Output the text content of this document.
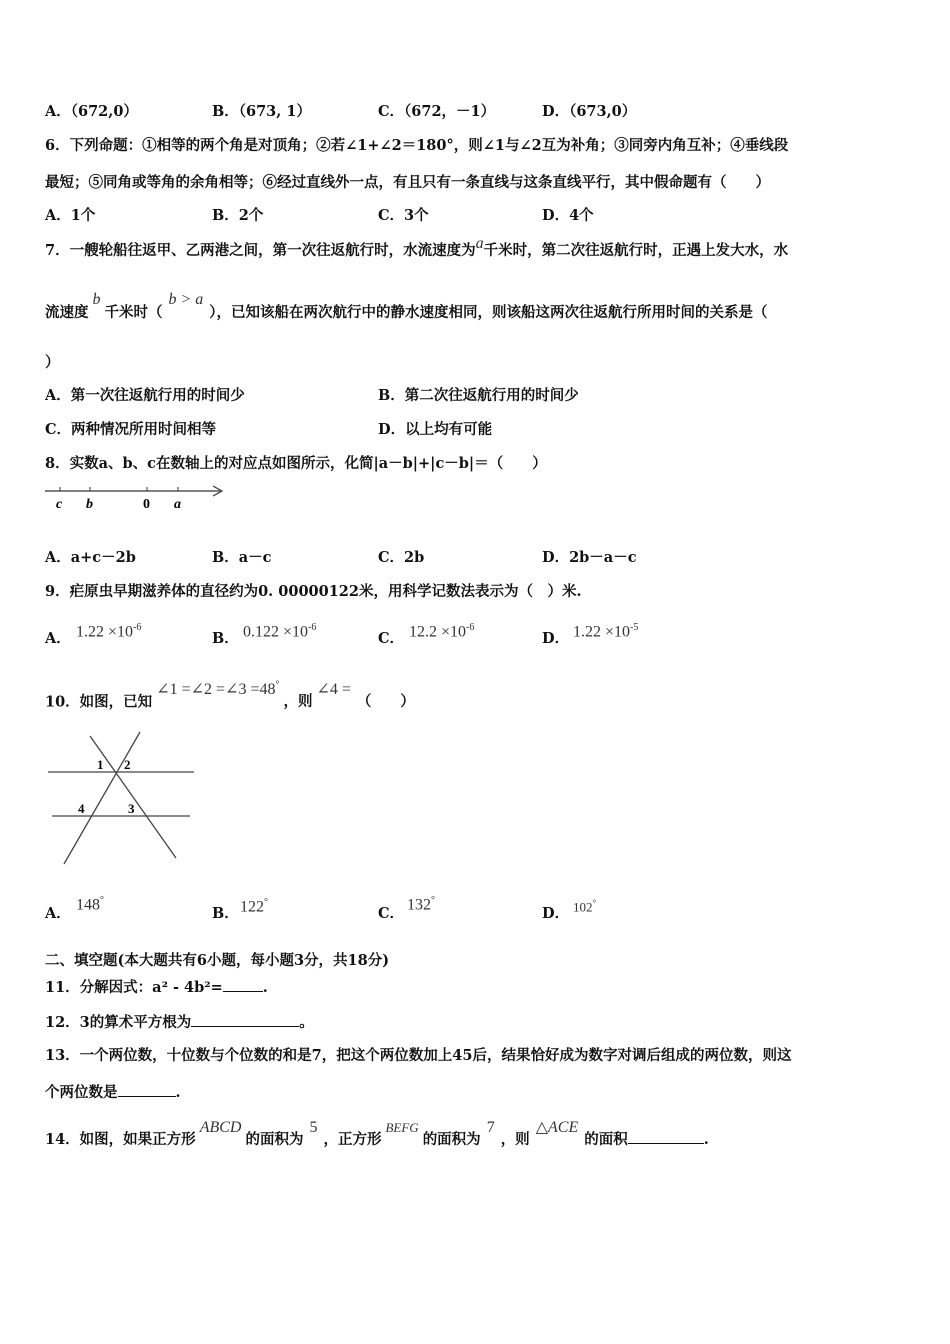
A．（672,0）	B．（673, 1）	C．（672，－1）	D．（673,0）
6．下列命题：①相等的两个角是对顶角；②若∠1+∠2＝180°，则∠1与∠2互为补角；③同旁内角互补；④垂线段
最短；⑤同角或等角的余角相等；⑥经过直线外一点，有且只有一条直线与这条直线平行，其中假命题有（　　）
A．1个	B．2个	C．3个	D．4个
7．一艘轮船往返甲、乙两港之间，第一次往返航行时，水流速度为a千米时，第二次往返航行时，正遇上发大水，水
流速度b千米时（b > a），已知该船在两次航行中的静水速度相同，则该船这两次往返航行所用时间的关系是（
）
A．第一次往返航行用的时间少	B．第二次往返航行用的时间少
C．两种情况所用时间相等	D．以上均有可能
8．实数a、b、c在数轴上的对应点如图所示，化简|a－b|+|c－b|＝（　　）
c b	0 a
A．a+c－2b	B．a－c	C．2b	D．2b－a－c
9．疟原虫早期滋养体的直径约为0. 00000122米，用科学记数法表示为（　）米.
A． $1.22 \times 10^{-6}$
B． $0.122 \times 10^{-6}$
C． $12.2 \times 10^{-6}$
D． $1.22 \times 10^{-5}$
10．如图，已知∠1 =∠2 =∠3 =48°，则∠4 =（　　）
1 2
4	3
A．
148°
B． 122°
C．
132°
D． 102°
二、填空题(本大题共有6小题，每小题3分，共18分)
11．分解因式：a² - 4b²=	.
12．3的算术平方根为	。
13．一个两位数，十位数与个位数的和是7，把这个两位数加上45后，结果恰好成为数字对调后组成的两位数，则这
个两位数是	.
14．如图，如果正方形ABCD的面积为5，正方形BEFG的面积为7，则△ACE的面积	.
